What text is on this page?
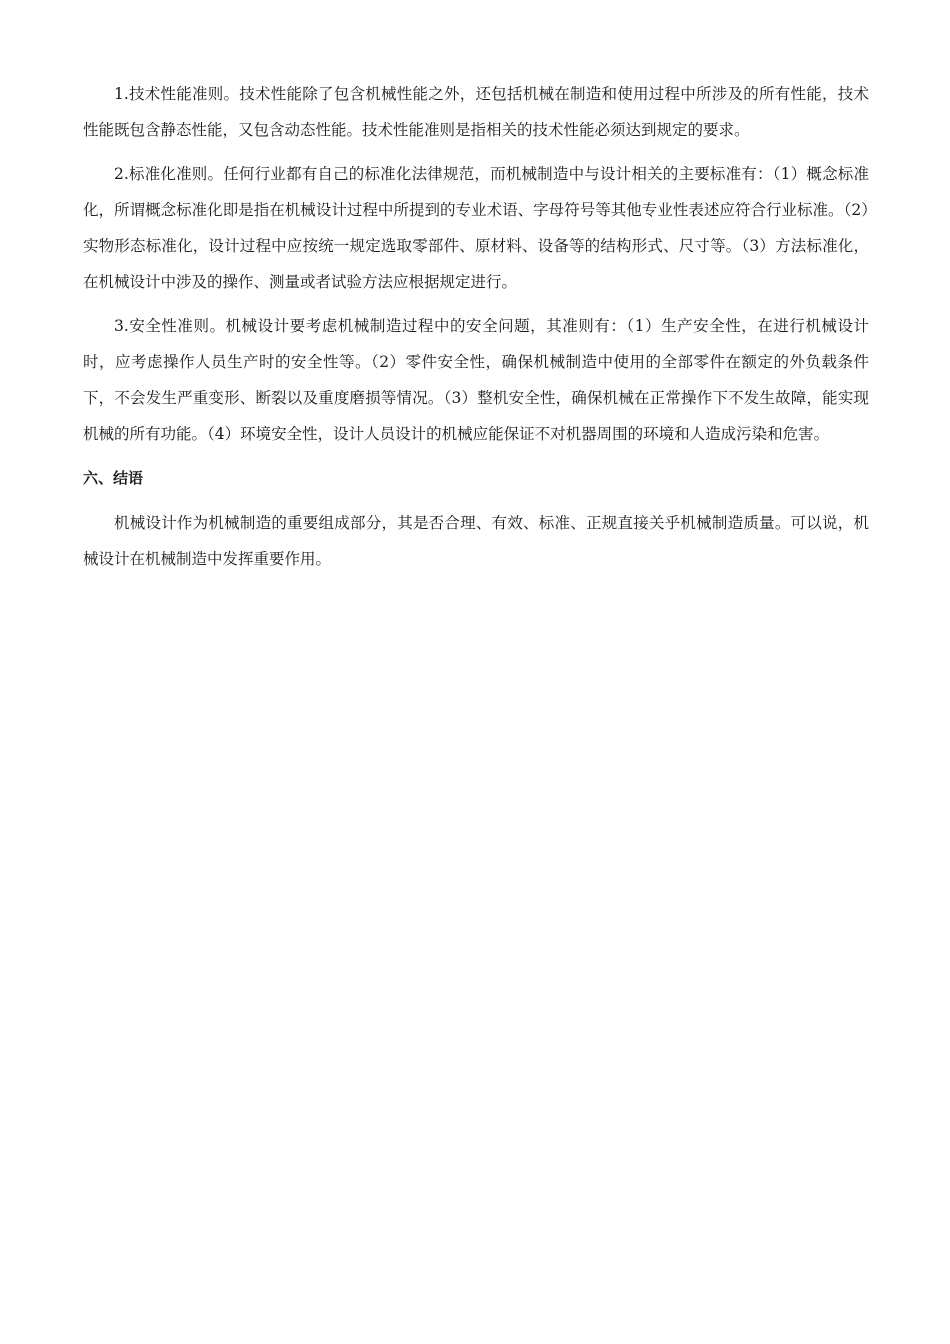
1.技术性能准则。技术性能除了包含机械性能之外，还包括机械在制造和使用过程中所涉及的所有性能，技术性能既包含静态性能，又包含动态性能。技术性能准则是指相关的技术性能必须达到规定的要求。

2.标准化准则。任何行业都有自己的标准化法律规范，而机械制造中与设计相关的主要标准有：（1）概念标准化，所谓概念标准化即是指在机械设计过程中所提到的专业术语、字母符号等其他专业性表述应符合行业标准。（2）实物形态标准化，设计过程中应按统一规定选取零部件、原材料、设备等的结构形式、尺寸等。（3）方法标准化，在机械设计中涉及的操作、测量或者试验方法应根据规定进行。

3.安全性准则。机械设计要考虑机械制造过程中的安全问题，其准则有：（1）生产安全性，在进行机械设计时，应考虑操作人员生产时的安全性等。（2）零件安全性，确保机械制造中使用的全部零件在额定的外负载条件下，不会发生严重变形、断裂以及重度磨损等情况。（3）整机安全性，确保机械在正常操作下不发生故障，能实现机械的所有功能。（4）环境安全性，设计人员设计的机械应能保证不对机器周围的环境和人造成污染和危害。

六、结语

机械设计作为机械制造的重要组成部分，其是否合理、有效、标准、正规直接关乎机械制造质量。可以说，机械设计在机械制造中发挥重要作用。
